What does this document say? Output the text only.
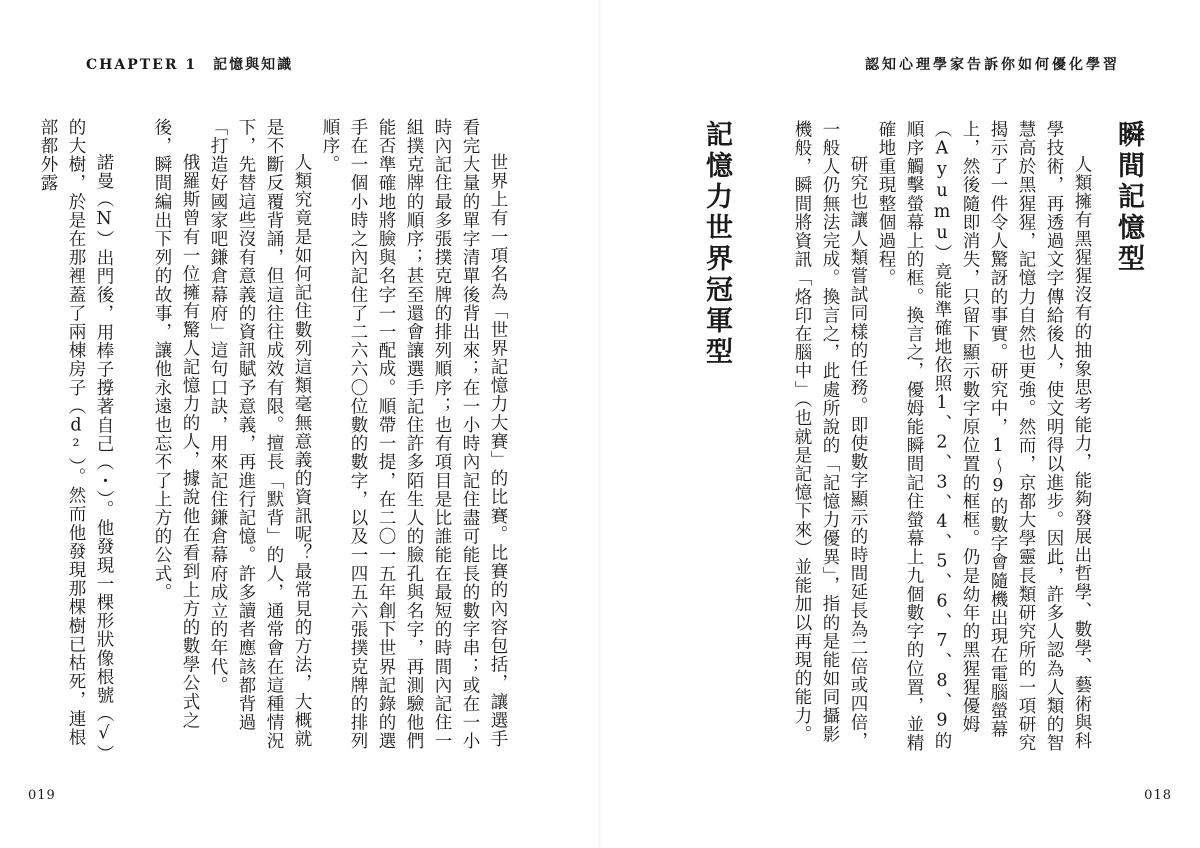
CHAPTER 1　記憶與知識

世界上有一項名為「世界記憶力大賽」的比賽。比賽的內容包括，讓選手看完大量的單字清單後背出來；在一小時內記住盡可能長的數字串；或在一小時內記住最多張撲克牌的排列順序；也有項目是比誰能在最短的時間內記住一組撲克牌的順序；甚至還會讓選手記住許多陌生人的臉孔與名字，再測驗他們能否準確地將臉與名字一一配成。順帶一提，在二〇一五年創下世界記錄的選手在一個小時之內記住了二六六〇位數的數字，以及一四五六張撲克牌的排列順序。

人類究竟是如何記住數列這類毫無意義的資訊呢？最常見的方法，大概就是不斷反覆背誦，但這往往成效有限。擅長「默背」的人，通常會在這種情況下，先替這些沒有意義的資訊賦予意義，再進行記憶。許多讀者應該都背過「打造好國家吧鎌倉幕府」這句口訣，用來記住鎌倉幕府成立的年代。

俄羅斯曾有一位擁有驚人記憶力的人，據說他在看到上方的數學公式之後，瞬間編出下列的故事，讓他永遠也忘不了上方的公式。

諾曼（N）出門後，用棒子撐著自己（・）。他發現一棵形狀像根號（√）的大樹，於是在那裡蓋了兩棟房子（d²）。然而他發現那棵樹已枯死，連根部都外露

019
認知心理學家告訴你如何優化學習
瞬間記憶型

人類擁有黑猩猩沒有的抽象思考能力，能夠發展出哲學、數學、藝術與科學技術，再透過文字傳給後人，使文明得以進步。因此，許多人認為人類的智慧高於黑猩猩，記憶力自然也更強。然而，京都大學靈長類研究所的一項研究揭示了一件令人驚訝的事實。研究中，1～9的數字會隨機出現在電腦螢幕上，然後隨即消失，只留下顯示數字原位置的框框。仍是幼年的黑猩猩優姆（Ayumu）竟能準確地依照1、2、3、4、5、6、7、8、9的順序觸擊螢幕上的框。換言之，優姆能瞬間記住螢幕上九個數字的位置，並精確地重現整個過程。

研究也讓人類嘗試同樣的任務。即使數字顯示的時間延長為二倍或四倍，一般人仍無法完成。換言之，此處所說的「記憶力優異」，指的是能如同攝影機般，瞬間將資訊「烙印在腦中」（也就是記憶下來）並能加以再現的能力。

記憶力世界冠軍型
018
